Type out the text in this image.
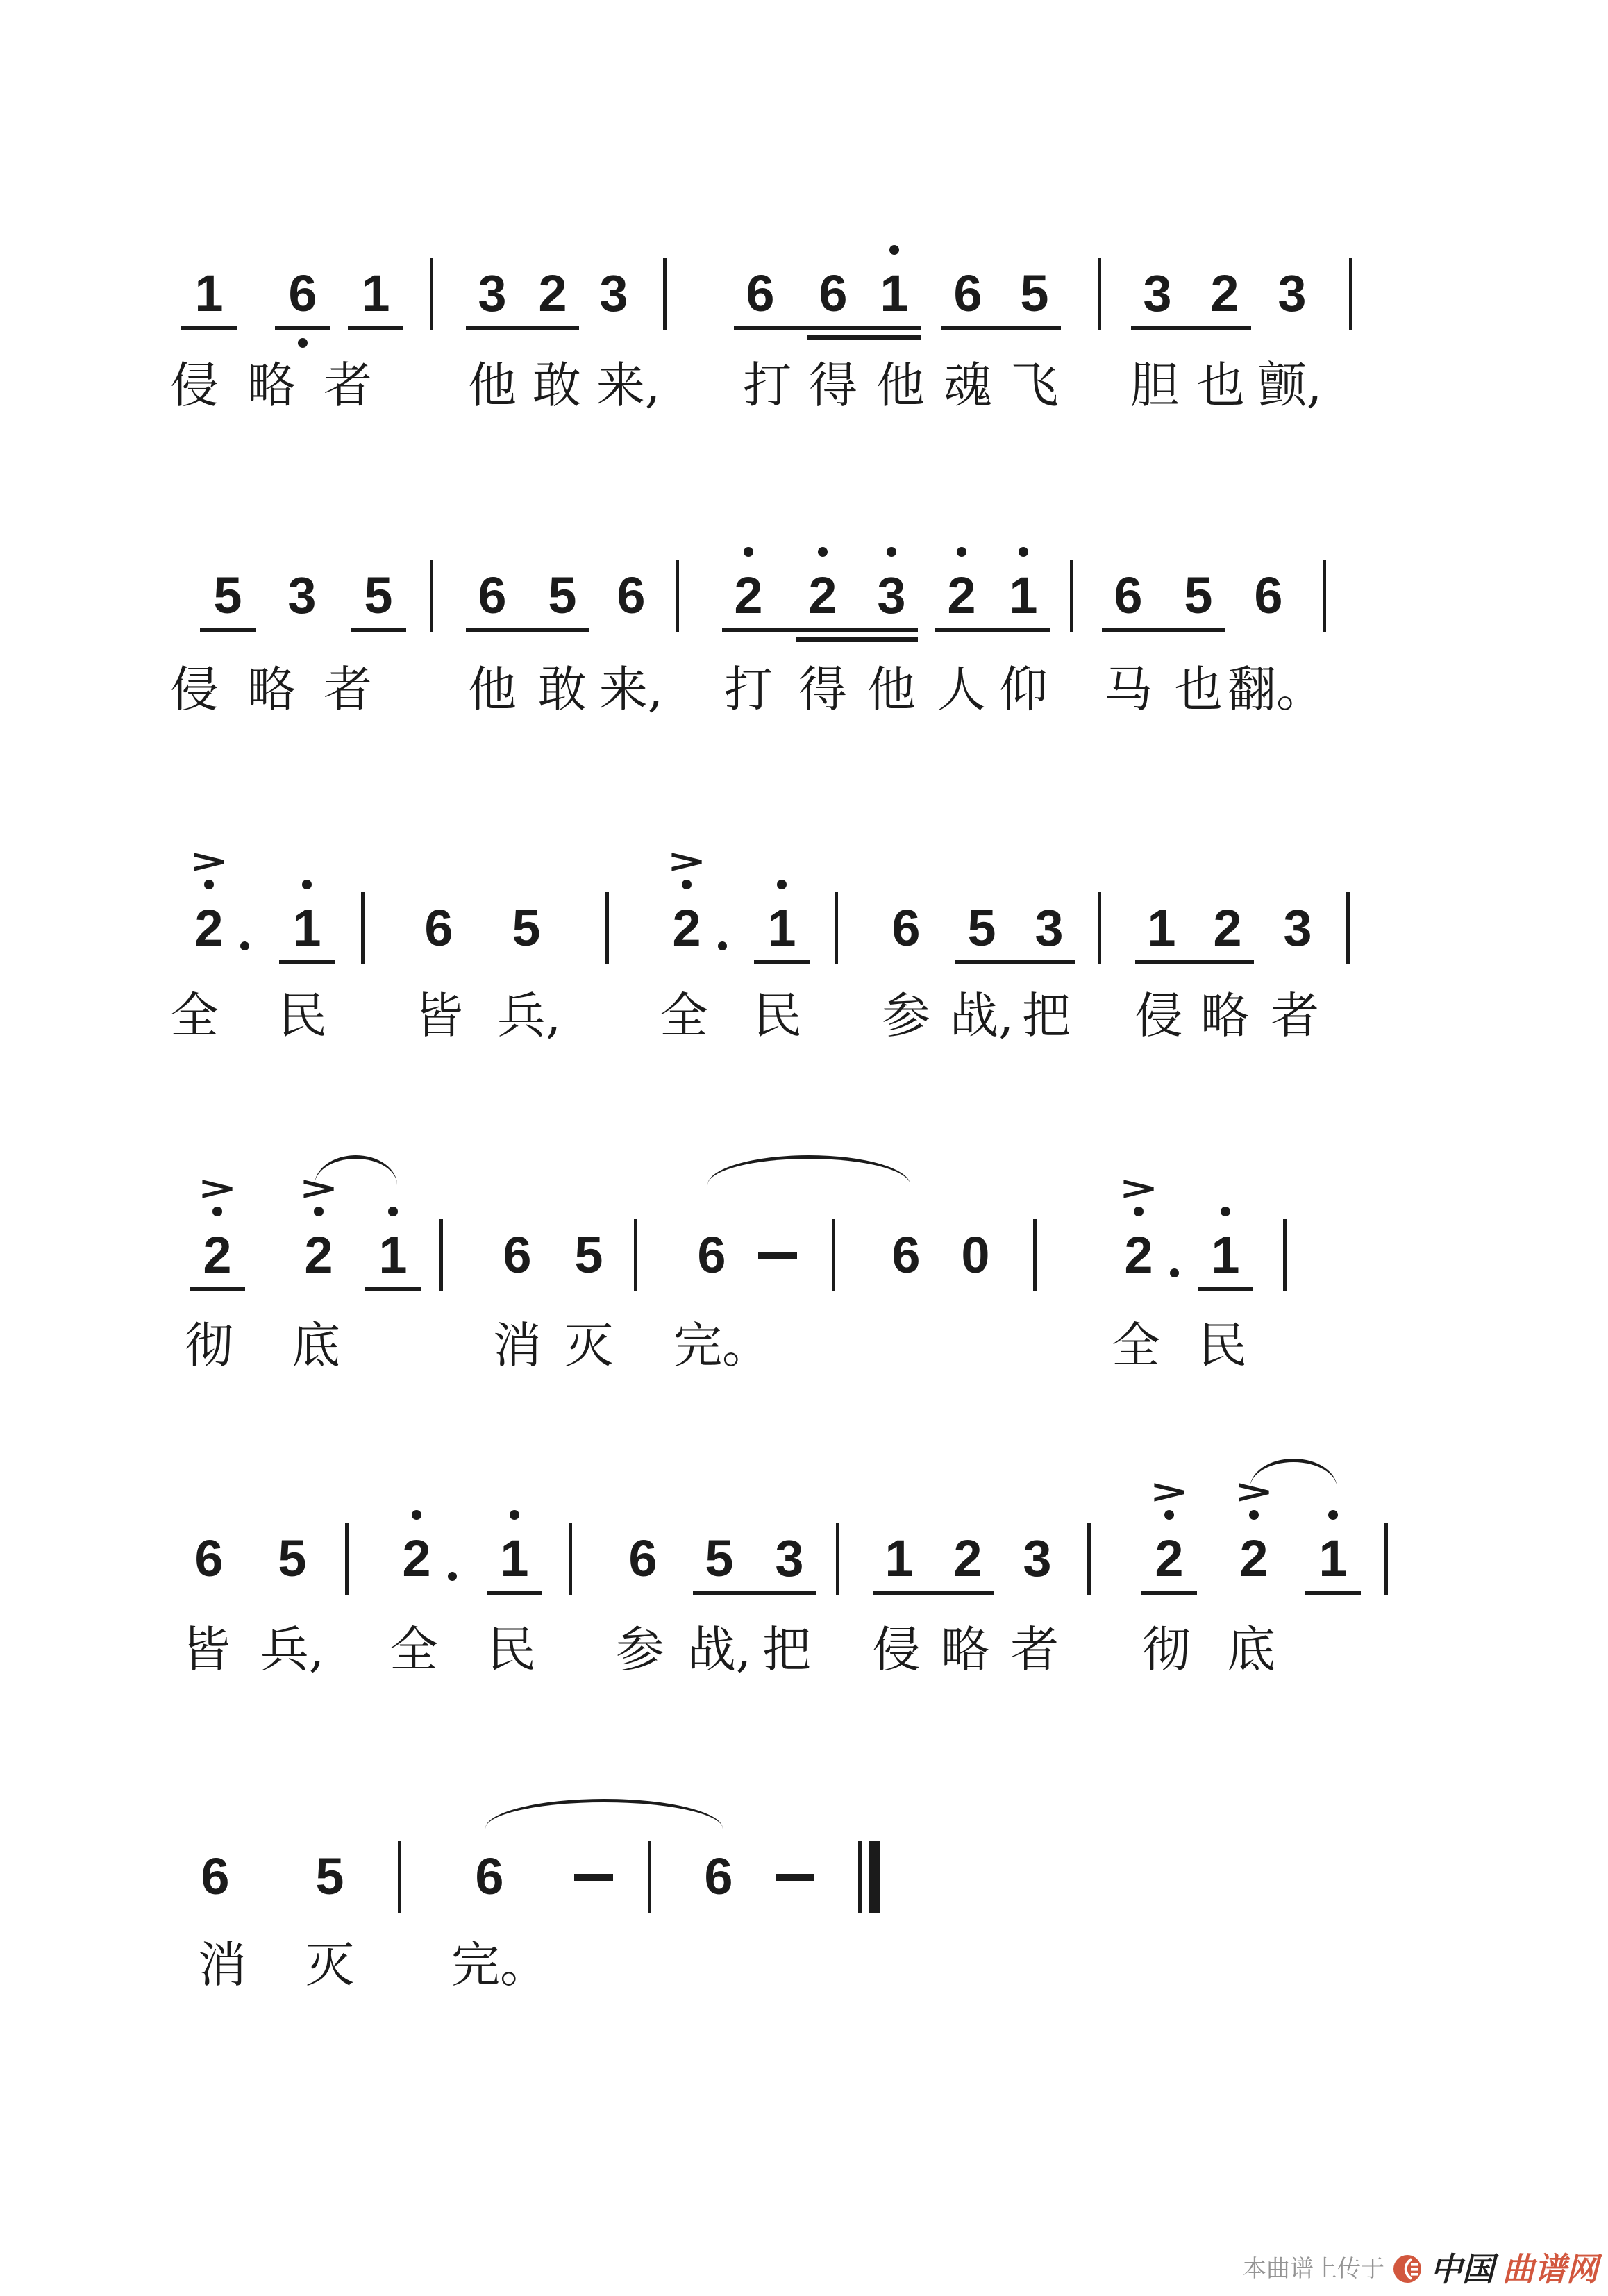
1 6 1 3 2 3 6 6 1 6 5 3 2 3
侵 略 者 他 敢 来, 打 得 他 魂 飞 胆 也 颤,
5 3 5 6 5 6 2 2 3 2 1 6 5 6
侵 略 者 他 敢 来, 打 得 他 人 仰 马 也 翻。
2
>
1 6 5	2
>
1 6 5 3 1 2 3
全 民 皆 兵, 全 民 参 战, 把 侵 略 者
2
>
2
>
1 6 5 6	6 0	2
>
1
彻 底	消 灭 完。	全 民
6 5 2 1 6 5 3 1 2 3 2
>
2
>
1
皆 兵, 全 民 参 战, 把 侵 略 者 彻 底
6 5	6	6
消 灭 完。
本曲谱上传于 中国 曲谱网
